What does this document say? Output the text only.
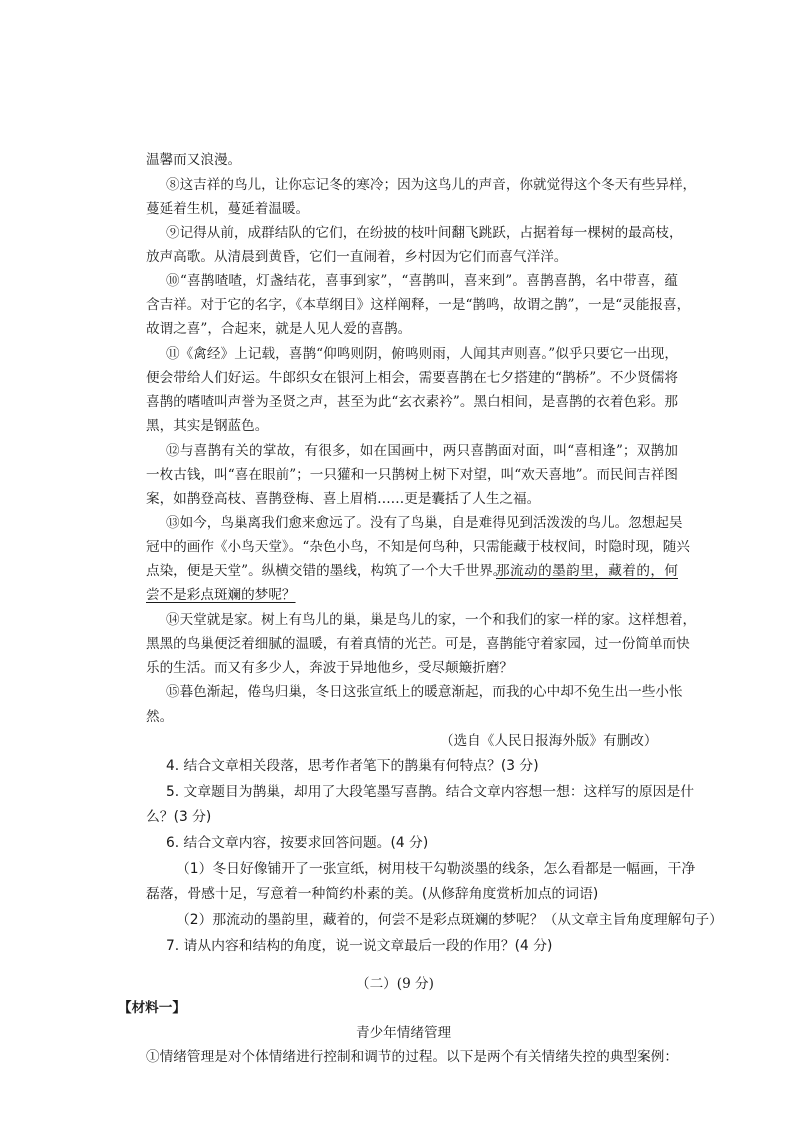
温馨而又浪漫。
⑧这吉祥的鸟儿，让你忘记冬的寒冷；因为这鸟儿的声音，你就觉得这个冬天有些异样，
蔓延着生机，蔓延着温暖。
⑨记得从前，成群结队的它们，在纷披的枝叶间翻飞跳跃，占据着每一棵树的最高枝，
放声高歌。从清晨到黄昏，它们一直闹着，乡村因为它们而喜气洋洋。
⑩“喜鹊喳喳，灯盏结花，喜事到家”，“喜鹊叫，喜来到”。喜鹊喜鹊，名中带喜，蕴
含吉祥。对于它的名字，《本草纲目》这样阐释，一是“鹊鸣，故谓之鹊”，一是“灵能报喜，
故谓之喜”，合起来，就是人见人爱的喜鹊。
⑪《禽经》上记载，喜鹊“仰鸣则阴，俯鸣则雨，人闻其声则喜。”似乎只要它一出现，
便会带给人们好运。牛郎织女在银河上相会，需要喜鹊在七夕搭建的“鹊桥”。不少贤儒将
喜鹊的嗜喳叫声誉为圣贤之声，甚至为此“玄衣素衿”。黑白相间，是喜鹊的衣着色彩。那
黑，其实是钢蓝色。
⑫与喜鹊有关的掌故，有很多，如在国画中，两只喜鹊面对面，叫“喜相逢”；双鹊加
一枚古钱，叫“喜在眼前”；一只獾和一只鹊树上树下对望，叫“欢天喜地”。而民间吉祥图
案，如鹊登高枝、喜鹊登梅、喜上眉梢……更是囊括了人生之福。
⑬如今，鸟巢离我们愈来愈远了。没有了鸟巢，自是难得见到活泼泼的鸟儿。忽想起吴
冠中的画作《小鸟天堂》。“杂色小鸟，不知是何鸟种，只需能藏于枝杈间，时隐时现，随兴
点染，便是天堂”。纵横交错的墨线，构筑了一个大千世界。
那流动的墨韵里，藏着的，何
尝不是彩点斑斓的梦呢？
⑭天堂就是家。树上有鸟儿的巢，巢是鸟儿的家，一个和我们的家一样的家。这样想着，
黑黑的鸟巢便泛着细腻的温暖，有着真情的光芒。可是，喜鹊能守着家园，过一份简单而快
乐的生活。而又有多少人，奔波于异地他乡，受尽颠簸折磨？
⑮暮色渐起，倦鸟归巢，冬日这张宣纸上的暖意渐起，而我的心中却不免生出一些小怅
然。
（选自《人民日报海外版》有删改）
4. 结合文章相关段落，思考作者笔下的鹊巢有何特点？(3 分)
5. 文章题目为鹊巢，却用了大段笔墨写喜鹊。结合文章内容想一想：这样写的原因是什
么？(3 分)
6. 结合文章内容，按要求回答问题。(4 分)
（1）冬日好像铺开了一张宣纸，树用枝干勾勒淡墨的线条，怎么看都是一幅画，干净
磊落，骨感十足，写意着一种简约朴素的美。(从修辞角度赏析加点的词语)
（2）那流动的墨韵里，藏着的，何尝不是彩点斑斓的梦呢？（从文章主旨角度理解句子）
7. 请从内容和结构的角度，说一说文章最后一段的作用？(4 分)
（二）(9 分)
【材料一】
青少年情绪管理
①情绪管理是对个体情绪进行控制和调节的过程。以下是两个有关情绪失控的典型案例：
